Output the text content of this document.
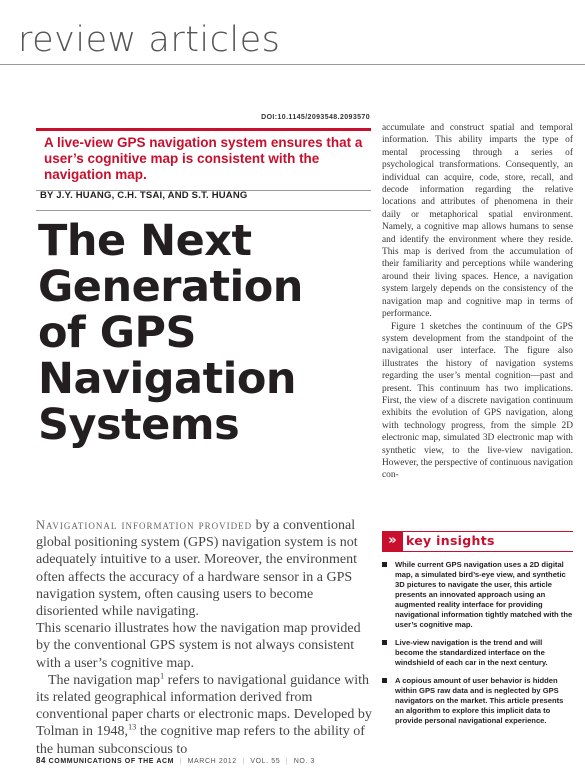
review articles
DOI:10.1145/2093548.2093570

A live-view GPS navigation system ensures that a user’s cognitive map is consistent with the navigation map.

BY J.Y. HUANG, C.H. TSAI, AND S.T. HUANG
The Next
Generation
of GPS
Navigation
Systems
Navigational information provided by a conventional global positioning system (GPS) navigation system is not adequately intuitive to a user. Moreover, the environment often affects the accuracy of a hardware sensor in a GPS navigation system, often causing users to become disoriented while navigating.
This scenario illustrates how the navigation map provided by the conventional GPS system is not always consistent with a user’s cognitive map.
The navigation map$^1$ refers to navigational guidance with its related geographical information derived from conventional paper charts or electronic maps. Developed by Tolman in 1948,13 the cognitive map refers to the ability of the human subconscious to
accumulate and construct spatial and temporal information. This ability imparts the type of mental processing through a series of psychological transformations. Consequently, an individual can acquire, code, store, recall, and decode information regarding the relative locations and attributes of phenomena in their daily or metaphorical spatial environment. Namely, a cognitive map allows humans to sense and identify the environment where they reside. This map is derived from the accumulation of their familiarity and perceptions while wandering around their living spaces. Hence, a navigation system largely depends on the consistency of the navigation map and cognitive map in terms of performance.
Figure 1 sketches the continuum of the GPS system development from the standpoint of the navigational user interface. The figure also illustrates the history of navigation systems regarding the user’s mental cognition—past and present. This continuum has two implications. First, the view of a discrete navigation continuum exhibits the evolution of GPS navigation, along with technology progress, from the simple 2D electronic map, simulated 3D electronic map with synthetic view, to the live-view navigation. However, the perspective of continuous navigation con-
» key insights
While current GPS navigation uses a 2D digital map, a simulated bird’s-eye view, and synthetic 3D pictures to navigate the user, this article presents an innovated approach using an augmented reality interface for providing navigational information tightly matched with the user’s cognitive map.
Live-view navigation is the trend and will become the standardized interface on the windshield of each car in the next century.
A copious amount of user behavior is hidden within GPS raw data and is neglected by GPS navigators on the market. This article presents an algorithm to explore this implicit data to provide personal navigational experience.
84 COMMUNICATIONS OF THE ACM | MARCH 2012 | VOL. 55 | NO. 3
